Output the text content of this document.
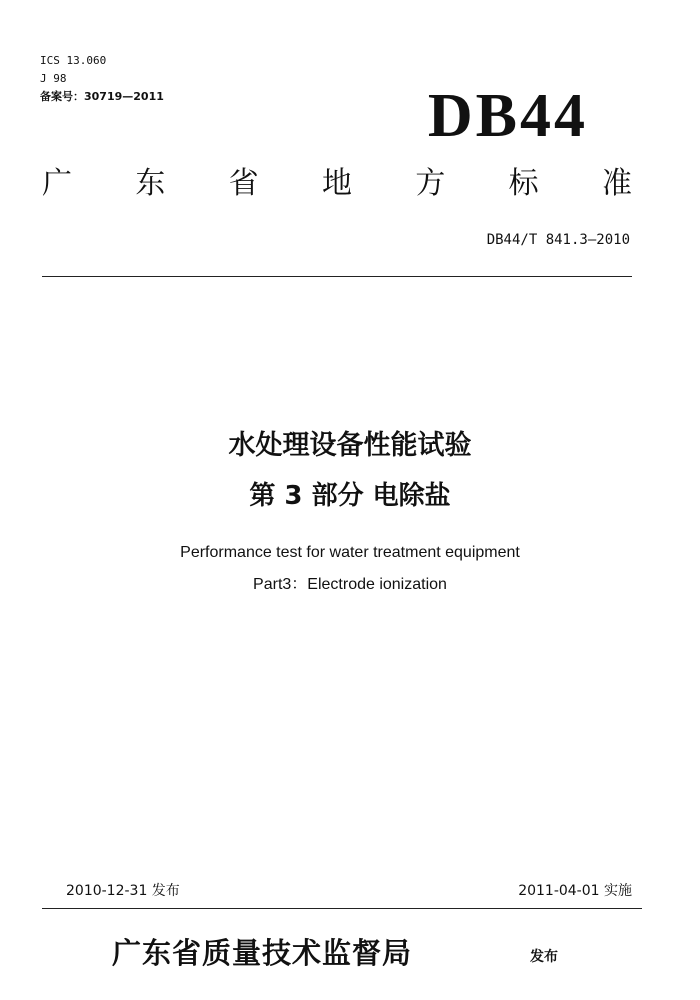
ICS 13.060
J 98
备案号：30719—2011	DB44
广 东 省 地 方 标 准
DB44/T 841.3—2010
水处理设备性能试验
第 3 部分 电除盐
Performance test for water treatment equipment
Part3：Electrode ionization
2010-12-31 发布	2011-04-01 实施
广东省质量技术监督局	发布
